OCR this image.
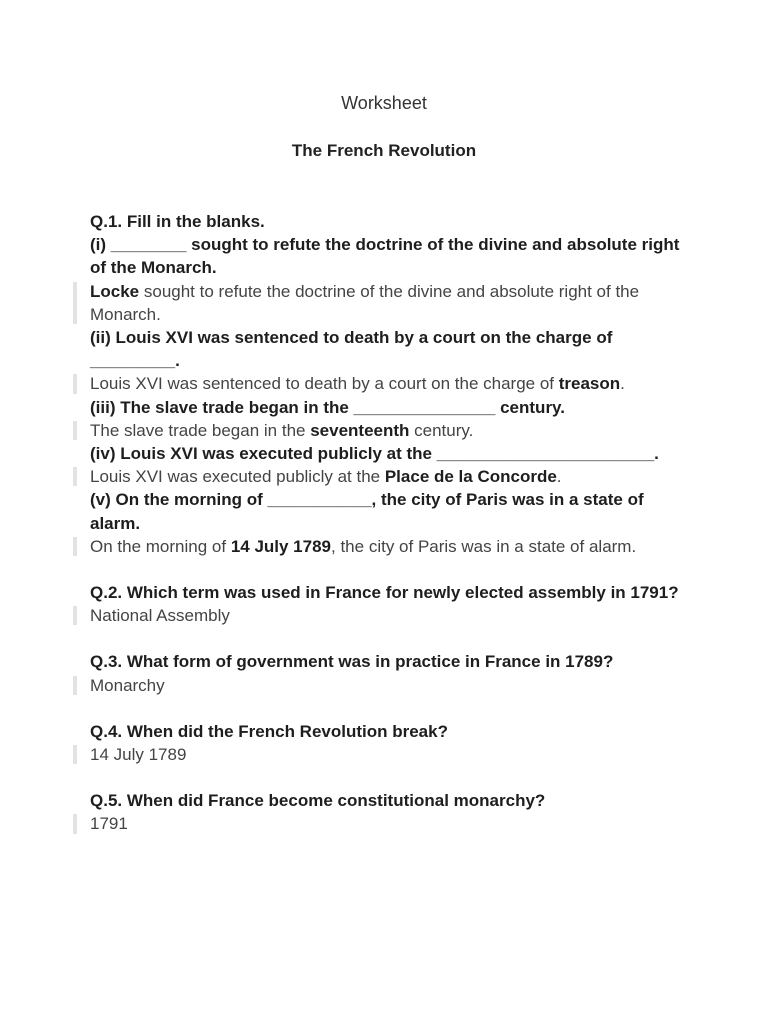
Worksheet
The French Revolution

Q.1. Fill in the blanks.

(i) ________ sought to refute the doctrine of the divine and absolute right of the Monarch.

Locke sought to refute the doctrine of the divine and absolute right of the Monarch.

(ii) Louis XVI was sentenced to death by a court on the charge of _________.

Louis XVI was sentenced to death by a court on the charge of treason.

(iii) The slave trade began in the _______________ century.

The slave trade began in the seventeenth century.

(iv) Louis XVI was executed publicly at the _______________________.

Louis XVI was executed publicly at the Place de la Concorde.

(v) On the morning of ___________, the city of Paris was in a state of alarm.

On the morning of 14 July 1789, the city of Paris was in a state of alarm.

Q.2. Which term was used in France for newly elected assembly in 1791?

National Assembly

Q.3. What form of government was in practice in France in 1789?

Monarchy

Q.4. When did the French Revolution break?

14 July 1789

Q.5. When did France become constitutional monarchy?

1791
